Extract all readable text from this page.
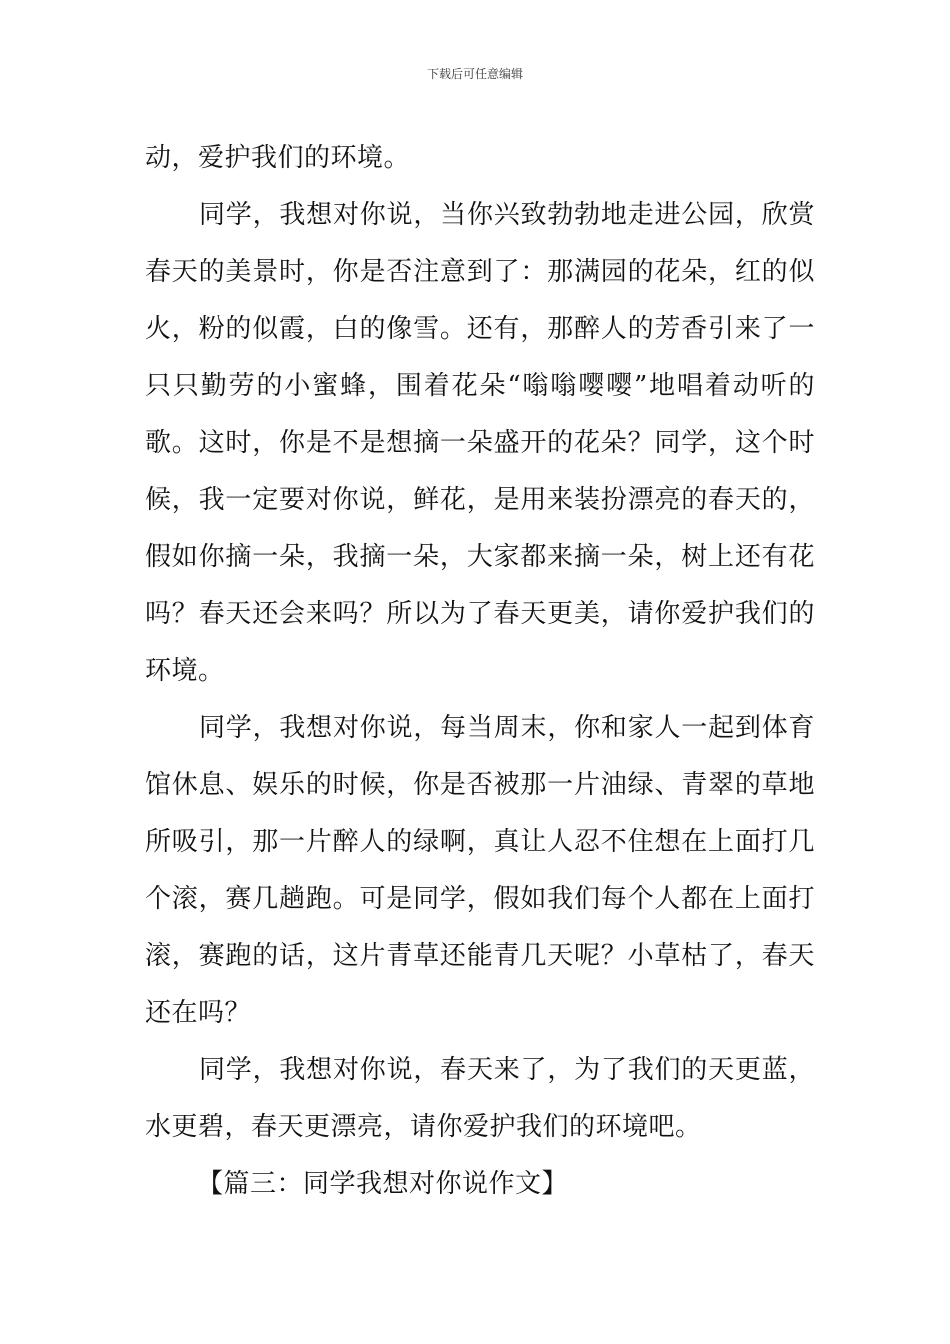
下载后可任意编辑

动，爱护我们的环境。

同学，我想对你说，当你兴致勃勃地走进公园，欣赏春天的美景时，你是否注意到了：那满园的花朵，红的似火，粉的似霞，白的像雪。还有，那醉人的芳香引来了一只只勤劳的小蜜蜂，围着花朵“嗡嗡嘤嘤”地唱着动听的歌。这时，你是不是想摘一朵盛开的花朵？同学，这个时候，我一定要对你说，鲜花，是用来装扮漂亮的春天的，假如你摘一朵，我摘一朵，大家都来摘一朵，树上还有花吗？春天还会来吗？所以为了春天更美，请你爱护我们的环境。

同学，我想对你说，每当周末，你和家人一起到体育馆休息、娱乐的时候，你是否被那一片油绿、青翠的草地所吸引，那一片醉人的绿啊，真让人忍不住想在上面打几个滚，赛几趟跑。可是同学，假如我们每个人都在上面打滚，赛跑的话，这片青草还能青几天呢？小草枯了，春天还在吗？

同学，我想对你说，春天来了，为了我们的天更蓝，水更碧，春天更漂亮，请你爱护我们的环境吧。

【篇三：同学我想对你说作文】
